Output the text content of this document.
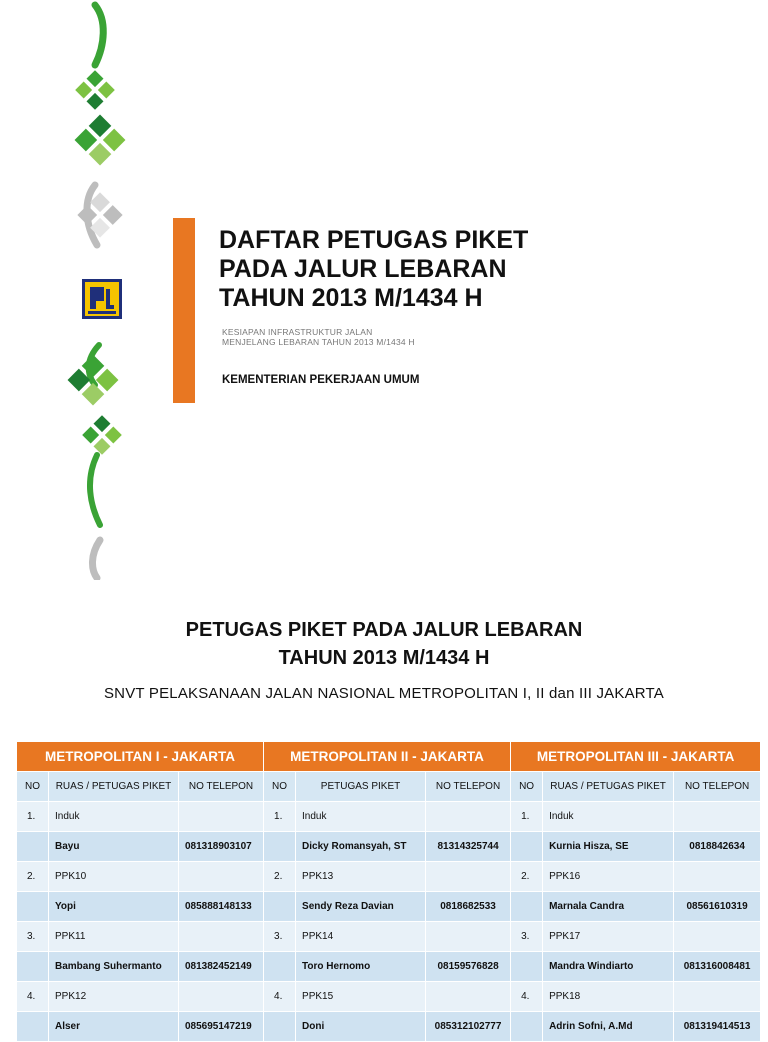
DAFTAR PETUGAS PIKET
PADA JALUR LEBARAN
TAHUN 2013 M/1434 H
KESIAPAN INFRASTRUKTUR JALAN
MENJELANG LEBARAN TAHUN 2013 M/1434 H
KEMENTERIAN PEKERJAAN UMUM
PETUGAS PIKET PADA JALUR LEBARAN
TAHUN 2013 M/1434 H
SNVT PELAKSANAAN JALAN NASIONAL METROPOLITAN I, II dan III JAKARTA
METROPOLITAN I - JAKARTA			METROPOLITAN II - JAKARTA			METROPOLITAN III - JAKARTA		
NO	RUAS / PETUGAS PIKET	NO TELEPON	NO	PETUGAS PIKET	NO TELEPON	NO	RUAS / PETUGAS PIKET	NO TELEPON
1.	Induk		1.	Induk		1.	Induk	
	Bayu	081318903107		Dicky Romansyah, ST	81314325744		Kurnia Hisza, SE	0818842634
2.	PPK10		2.	PPK13		2.	PPK16	
	Yopi	085888148133		Sendy Reza Davian	0818682533		Marnala Candra	08561610319
3.	PPK11		3.	PPK14		3.	PPK17	
	Bambang Suhermanto	081382452149		Toro Hernomo	08159576828		Mandra Windiarto	081316008481
4.	PPK12		4.	PPK15		4.	PPK18	
	Alser	085695147219		Doni	085312102777		Adrin Sofni, A.Md	081319414513
